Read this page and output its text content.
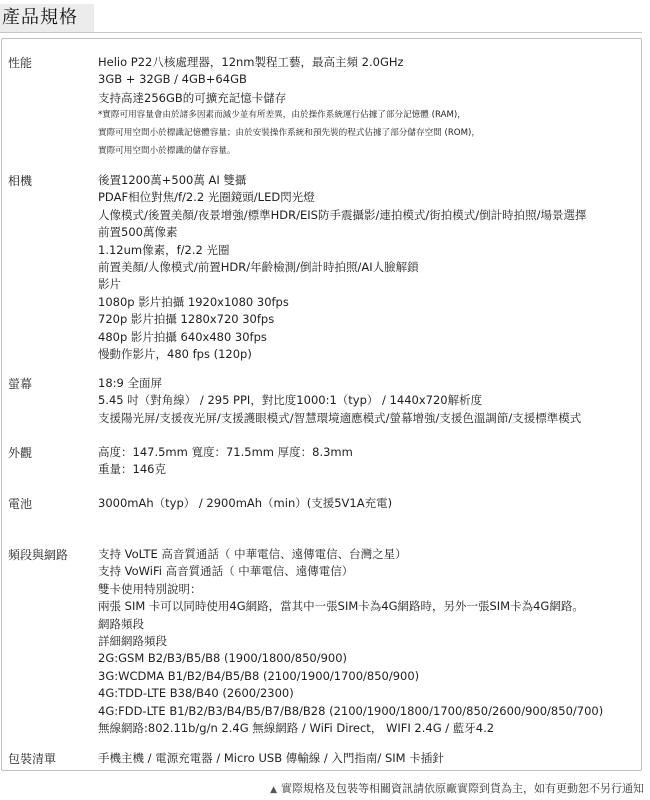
產品規格
性能	Helio P22八核處理器，12nm製程工藝，最高主頻 2.0GHz
3GB + 32GB / 4GB+64GB
支持高達256GB的可擴充記憶卡儲存
*實際可用容量會由於諸多因素而減少並有所差異，由於操作系統運行佔據了部分記憶體 (RAM)，
實際可用空間小於標識記憶體容量；由於安裝操作系統和預先裝的程式佔據了部分儲存空間 (ROM)，
實際可用空間小於標識的儲存容量。
相機	後置1200萬+500萬 AI 雙攝
PDAF相位對焦/f/2.2 光圈鏡頭/LED閃光燈
人像模式/後置美顏/夜景增強/標準HDR/EIS防手震攝影/連拍模式/街拍模式/倒計時拍照/場景選擇
前置500萬像素
1.12um像素，f/2.2 光圈
前置美顏/人像模式/前置HDR/年齡檢測/倒計時拍照/AI人臉解鎖
影片
1080p 影片拍攝 1920x1080 30fps
720p 影片拍攝 1280x720 30fps
480p 影片拍攝 640x480 30fps
慢動作影片，480 fps (120p)
螢幕	18:9 全面屏
5.45 吋（對角線） / 295 PPI，對比度1000:1（typ） / 1440x720解析度
支援陽光屏/支援夜光屏/支援護眼模式/智慧環境適應模式/螢幕增強/支援色溫調節/支援標準模式
外觀	高度：147.5mm 寬度：71.5mm 厚度：8.3mm
重量：146克
電池	3000mAh（typ） / 2900mAh（min）(支援5V1A充電)
頻段與網路	支持 VoLTE 高音質通話（ 中華電信、遠傳電信、台灣之星）
支持 VoWiFi 高音質通話（ 中華電信、遠傳電信）
雙卡使用特別說明：
兩張 SIM 卡可以同時使用4G網路，當其中一張SIM卡為4G網路時，另外一張SIM卡為4G網路。
網路頻段
詳細網路頻段
2G:GSM B2/B3/B5/B8 (1900/1800/850/900)
3G:WCDMA B1/B2/B4/B5/B8 (2100/1900/1700/850/900)
4G:TDD-LTE B38/B40 (2600/2300)
4G:FDD-LTE B1/B2/B3/B4/B5/B7/B8/B28 (2100/1900/1800/1700/850/2600/900/850/700)
無線網路:802.11b/g/n 2.4G 無線網路 / WiFi Direct， WIFI 2.4G / 藍牙4.2
包裝清單	手機主機 / 電源充電器 / Micro USB 傳輸線 / 入門指南/ SIM 卡插針
▲ 實際規格及包裝等相關資訊請依原廠實際到貨為主，如有更動恕不另行通知
